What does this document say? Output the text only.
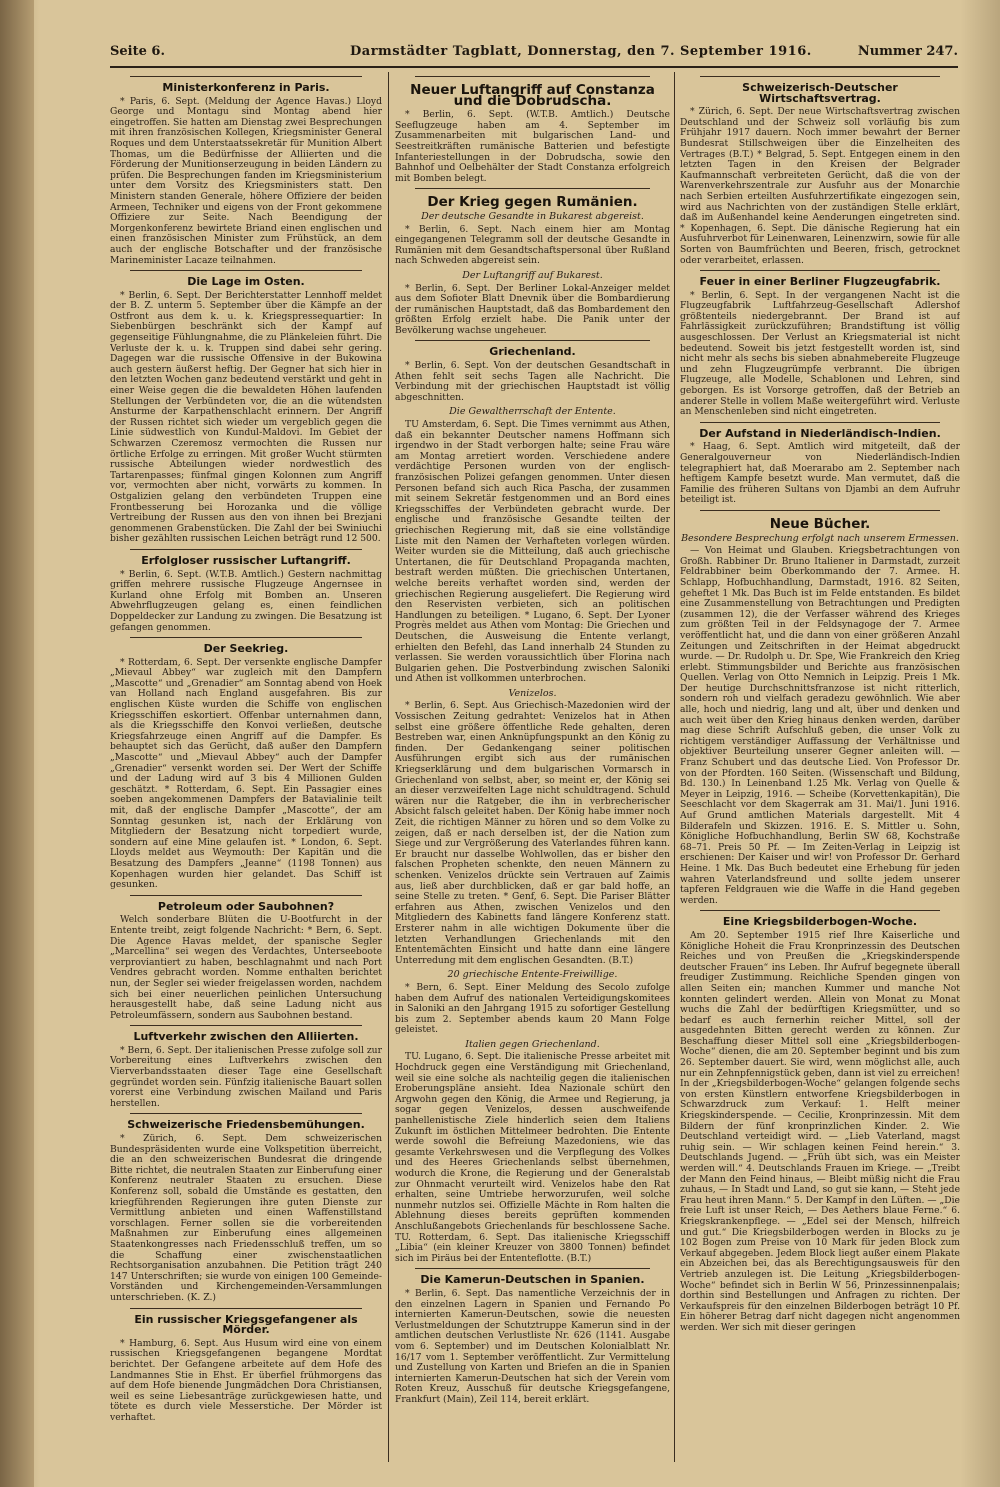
Seite 6.	Darmstädter Tagblatt, Donnerstag, den 7. September 1916.	Nummer 247.
Ministerkonferenz in Paris.

* Paris, 6. Sept. (Meldung der Agence Havas.) Lloyd George und Montagu sind Montag abend hier eingetroffen. Sie hatten am Dienstag zwei Besprechungen mit ihren französischen Kollegen, Kriegsminister General Roques und dem Unterstaatssekretär für Munition Albert Thomas, um die Bedürfnisse der Alliierten und die Förderung der Munitionserzeugung in beiden Ländern zu prüfen. Die Besprechungen fanden im Kriegsministerium unter dem Vorsitz des Kriegsministers statt. Den Ministern standen Generale, höhere Offiziere der beiden Armeen, Techniker und eigens von der Front gekommene Offiziere zur Seite. Nach Beendigung der Morgenkonferenz bewirtete Briand einen englischen und einen französischen Minister zum Frühstück, an dem auch der englische Botschafter und der französische Marineminister Lacaze teilnahmen.

Die Lage im Osten.

* Berlin, 6. Sept. Der Berichterstatter Lennhoff meldet der B. Z. unterm 5. September über die Kämpfe an der Ostfront aus dem k. u. k. Kriegspressequartier: In Siebenbürgen beschränkt sich der Kampf auf gegenseitige Fühlungnahme, die zu Plänkeleien führt. Die Verluste der k. u. k. Truppen sind dabei sehr gering. Dagegen war die russische Offensive in der Bukowina auch gestern äußerst heftig. Der Gegner hat sich hier in den letzten Wochen ganz bedeutend verstärkt und geht in einer Weise gegen die die bewaldeten Höhen laufenden Stellungen der Verbündeten vor, die an die wütendsten Ansturme der Karpathenschlacht erinnern. Der Angriff der Russen richtet sich wieder um vergeblich gegen die Linie südwestlich von Kundul-Maldovi. Im Gebiet der Schwarzen Czeremosz vermochten die Russen nur örtliche Erfolge zu erringen. Mit großer Wucht stürmten russische Abteilungen wieder nordwestlich des Tartarenpasses; fünfmal gingen Kolonnen zum Angriff vor, vermochten aber nicht, vorwärts zu kommen. In Ostgalizien gelang den verbündeten Truppen eine Frontbesserung bei Horozanka und die völlige Vertreibung der Russen aus den von ihnen bei Brezjani genommenen Grabenstücken. Die Zahl der bei Swiniuchi bisher gezählten russischen Leichen beträgt rund 12 500.

Erfolgloser russischer Luftangriff.

* Berlin, 6. Sept. (W.T.B. Amtlich.) Gestern nachmittag griffen mehrere russische Flugzeuge Angernsee in Kurland ohne Erfolg mit Bomben an. Unseren Abwehrflugzeugen gelang es, einen feindlichen Doppeldecker zur Landung zu zwingen. Die Besatzung ist gefangen genommen.

Der Seekrieg.

* Rotterdam, 6. Sept. Der versenkte englische Dampfer „Mievaul Abbey“ war zugleich mit den Dampfern „Mascotte“ und „Grenadier“ am Sonntag abend von Hoek van Holland nach England ausgefahren. Bis zur englischen Küste wurden die Schiffe von englischen Kriegsschiffen eskortiert. Offenbar unternahmen dann, als die Kriegsschiffe den Konvoi verließen, deutsche Kriegsfahrzeuge einen Angriff auf die Dampfer. Es behauptet sich das Gerücht, daß außer den Dampfern „Mascotte“ und „Mievaul Abbey“ auch der Dampfer „Grenadier“ versenkt worden sei. Der Wert der Schiffe und der Ladung wird auf 3 bis 4 Millionen Gulden geschätzt. * Rotterdam, 6. Sept. Ein Passagier eines soeben angekommenen Dampfers der Batavialinie teilt mit, daß der englische Dampfer „Mascotte“, der am Sonntag gesunken ist, nach der Erklärung von Mitgliedern der Besatzung nicht torpediert wurde, sondern auf eine Mine gelaufen ist. * London, 6. Sept. Lloyds meldet aus Weymouth: Der Kapitän und die Besatzung des Dampfers „Jeanne“ (1198 Tonnen) aus Kopenhagen wurden hier gelandet. Das Schiff ist gesunken.

Petroleum oder Saubohnen?

Welch sonderbare Blüten die U-Bootfurcht in der Entente treibt, zeigt folgende Nachricht: * Bern, 6. Sept. Die Agence Havas meldet, der spanische Segler „Marcellina“ sei wegen des Verdachtes, Unterseeboote verproviantiert zu haben, beschlagnahmt und nach Port Vendres gebracht worden. Nomme enthalten berichtet nun, der Segler sei wieder freigelassen worden, nachdem sich bei einer neuerlichen peinlichen Untersuchung herausgestellt habe, daß seine Ladung nicht aus Petroleumfässern, sondern aus Saubohnen bestand.

Luftverkehr zwischen den Alliierten.

* Bern, 6. Sept. Der italienischen Presse zufolge soll zur Vorbereitung eines Luftverkehrs zwischen den Vierverbandsstaaten dieser Tage eine Gesellschaft gegründet worden sein. Fünfzig italienische Bauart sollen vorerst eine Verbindung zwischen Mailand und Paris herstellen.

Schweizerische Friedensbemühungen.

* Zürich, 6. Sept. Dem schweizerischen Bundespräsidenten wurde eine Volkspetition überreicht, die an den schweizerischen Bundesrat die dringende Bitte richtet, die neutralen Staaten zur Einberufung einer Konferenz neutraler Staaten zu ersuchen. Diese Konferenz soll, sobald die Umstände es gestatten, den kriegführenden Regierungen ihre guten Dienste zur Vermittlung anbieten und einen Waffenstillstand vorschlagen. Ferner sollen sie die vorbereitenden Maßnahmen zur Einberufung eines allgemeinen Staatenkongresses nach Friedensschluß treffen, um so die Schaffung einer zwischenstaatlichen Rechtsorganisation anzubahnen. Die Petition trägt 240 147 Unterschriften; sie wurde von einigen 100 Gemeinde-Vorständen und Kirchengemeinden-Versammlungen unterschrieben. (K. Z.)

Ein russischer Kriegsgefangener als Mörder.

* Hamburg, 6. Sept. Aus Husum wird eine von einem russischen Kriegsgefangenen begangene Mordtat berichtet. Der Gefangene arbeitete auf dem Hofe des Landmannes Stie in Ehst. Er überfiel frühmorgens das auf dem Hofe bienende Jungmädchen Dora Christiansen, weil es seine Liebesanträge zurückgewiesen hatte, und tötete es durch viele Messerstiche. Der Mörder ist verhaftet.

Neuer Luftangriff auf Constanza und die Dobrudscha.

* Berlin, 6. Sept. (W.T.B. Amtlich.) Deutsche Seeflugzeuge haben am 4. September im Zusammenarbeiten mit bulgarischen Land- und Seestreitkräften rumänische Batterien und befestigte Infanteriestellungen in der Dobrudscha, sowie den Bahnhof und Oelbehälter der Stadt Constanza erfolgreich mit Bomben belegt.

Der Krieg gegen Rumänien.
Der deutsche Gesandte in Bukarest abgereist.

* Berlin, 6. Sept. Nach einem hier am Montag eingegangenen Telegramm soll der deutsche Gesandte in Rumänien mit dem Gesandtschaftspersonal über Rußland nach Schweden abgereist sein.

Der Luftangriff auf Bukarest.

* Berlin, 6. Sept. Der Berliner Lokal-Anzeiger meldet aus dem Sofioter Blatt Dnevnik über die Bombardierung der rumänischen Hauptstadt, daß das Bombardement den größten Erfolg erzielt habe. Die Panik unter der Bevölkerung wachse ungeheuer.

Griechenland.

* Berlin, 6. Sept. Von der deutschen Gesandtschaft in Athen fehlt seit sechs Tagen alle Nachricht. Die Verbindung mit der griechischen Hauptstadt ist völlig abgeschnitten.

Die Gewaltherrschaft der Entente.

TU Amsterdam, 6. Sept. Die Times vernimmt aus Athen, daß ein bekannter Deutscher namens Hoffmann sich irgendwo in der Stadt verborgen halte; seine Frau wäre am Montag arretiert worden. Verschiedene andere verdächtige Personen wurden von der englisch-französischen Polizei gefangen genommen. Unter diesen Personen befand sich auch Rica Pascha, der zusammen mit seinem Sekretär festgenommen und an Bord eines Kriegsschiffes der Verbündeten gebracht wurde. Der englische und französische Gesandte teilten der griechischen Regierung mit, daß sie eine vollständige Liste mit den Namen der Verhafteten vorlegen würden. Weiter wurden sie die Mitteilung, daß auch griechische Untertanen, die für Deutschland Propaganda machten, bestraft werden müßten. Die griechischen Untertanen, welche bereits verhaftet worden sind, werden der griechischen Regierung ausgeliefert. Die Regierung wird den Reservisten verbieten, sich an politischen Handlungen zu beteiligen. * Lugano, 6. Sept. Der Lyoner Progrès meldet aus Athen vom Montag: Die Griechen und Deutschen, die Ausweisung die Entente verlangt, erhielten den Befehl, das Land innerhalb 24 Stunden zu verlassen. Sie werden voraussichtlich über Florina nach Bulgarien gehen. Die Postverbindung zwischen Saloniki und Athen ist vollkommen unterbrochen.

Venizelos.

* Berlin, 6. Sept. Aus Griechisch-Mazedonien wird der Vossischen Zeitung gedrahtet: Venizelos hat in Athen selbst eine größere öffentliche Rede gehalten, deren Bestreben war, einen Anknüpfungspunkt an den König zu finden. Der Gedankengang seiner politischen Ausführungen ergibt sich aus der rumänischen Kriegserklärung und dem bulgarischen Vormarsch in Griechenland von selbst, aber, so meint er, der König sei an dieser verzweifelten Lage nicht schuldtragend. Schuld wären nur die Ratgeber, die ihn in verbrecherischer Absicht falsch geleitet haben. Der König habe immer noch Zeit, die richtigen Männer zu hören und so dem Volke zu zeigen, daß er nach derselben ist, der die Nation zum Siege und zur Vergrößerung des Vaterlandes führen kann. Er braucht nur dasselbe Wohlwollen, das er bisher den falschen Propheten schenkte, den neuen Männern zu schenken. Venizelos drückte sein Vertrauen auf Zaimis aus, ließ aber durchblicken, daß er gar bald hoffe, an seine Stelle zu treten. * Genf, 6. Sept. Die Pariser Blätter erfahren aus Athen, zwischen Venizelos und den Mitgliedern des Kabinetts fand längere Konferenz statt. Ersterer nahm in alle wichtigen Dokumente über die letzten Verhandlungen Griechenlands mit den Ententemächten Einsicht und hatte dann eine längere Unterredung mit dem englischen Gesandten. (B.T.)

20 griechische Entente-Freiwillige.

* Bern, 6. Sept. Einer Meldung des Secolo zufolge haben dem Aufruf des nationalen Verteidigungskomitees in Saloniki an den Jahrgang 1915 zu sofortiger Gestellung bis zum 2. September abends kaum 20 Mann Folge geleistet.

Italien gegen Griechenland.

TU. Lugano, 6. Sept. Die italienische Presse arbeitet mit Hochdruck gegen eine Verständigung mit Griechenland, weil sie eine solche als nachteilig gegen die italienischen Eroberungspläne ansieht. Idea Nazionale schürt den Argwohn gegen den König, die Armee und Regierung, ja sogar gegen Venizelos, dessen auschweifende panhellenistische Ziele hinderlich seien dem Italiens Zukunft im östlichen Mittelmeer bedrohten. Die Entente werde sowohl die Befreiung Mazedoniens, wie das gesamte Verkehrswesen und die Verpflegung des Volkes und des Heeres Griechenlands selbst übernehmen, wodurch die Krone, die Regierung und der Generalstab zur Ohnmacht verurteilt wird. Venizelos habe den Rat erhalten, seine Umtriebe herworzurufen, weil solche nunmehr nutzlos sei. Offizielle Mächte in Rom halten die Ablehnung dieses bereits geprüften kommenden Anschlußangebots Griechenlands für beschlossene Sache. TU. Rotterdam, 6. Sept. Das italienische Kriegsschiff „Libia“ (ein kleiner Kreuzer von 3800 Tonnen) befindet sich im Piräus bei der Ententeflotte. (B.T.)

Die Kamerun-Deutschen in Spanien.

* Berlin, 6. Sept. Das namentliche Verzeichnis der in den einzelnen Lagern in Spanien und Fernando Po internierten Kamerun-Deutschen, sowie die neuesten Verlustmeldungen der Schutztruppe Kamerun sind in der amtlichen deutschen Verlustliste Nr. 626 (1141. Ausgabe vom 6. September) und im Deutschen Kolonialblatt Nr. 16/17 vom 1. September veröffentlicht. Zur Vermittelung und Zustellung von Karten und Briefen an die in Spanien internierten Kamerun-Deutschen hat sich der Verein vom Roten Kreuz, Ausschuß für deutsche Kriegsgefangene, Frankfurt (Main), Zeil 114, bereit erklärt.

Schweizerisch-Deutscher Wirtschaftsvertrag.

* Zürich, 6. Sept. Der neue Wirtschaftsvertrag zwischen Deutschland und der Schweiz soll vorläufig bis zum Frühjahr 1917 dauern. Noch immer bewahrt der Berner Bundesrat Stillschweigen über die Einzelheiten des Vertrages (B.T.) * Belgrad, 5. Sept. Entgegen einem in den letzten Tagen in den Kreisen der Belgrader Kaufmannschaft verbreiteten Gerücht, daß die von der Warenverkehrszentrale zur Ausfuhr aus der Monarchie nach Serbien erteilten Ausfuhrzertifikate eingezogen sein, wird aus Nachrichten von der zuständigen Stelle erklärt, daß im Außenhandel keine Aenderungen eingetreten sind. * Kopenhagen, 6. Sept. Die dänische Regierung hat ein Ausfuhrverbot für Leinenwaren, Leinenzwirn, sowie für alle Sorten von Baumfrüchten und Beeren, frisch, getrocknet oder verarbeitet, erlassen.

Feuer in einer Berliner Flugzeugfabrik.

* Berlin, 6. Sept. In der vergangenen Nacht ist die Flugzeugfabrik Luftfahrzeug-Gesellschaft Adlershof größtenteils niedergebrannt. Der Brand ist auf Fahrlässigkeit zurückzuführen; Brandstiftung ist völlig ausgeschlossen. Der Verlust an Kriegsmaterial ist nicht bedeutend. Soweit bis jetzt festgestellt worden ist, sind nicht mehr als sechs bis sieben abnahmebereite Flugzeuge und zehn Flugzeugrümpfe verbrannt. Die übrigen Flugzeuge, alle Modelle, Schablonen und Lehren, sind geborgen. Es ist Vorsorge getroffen, daß der Betrieb an anderer Stelle in vollem Maße weitergeführt wird. Verluste an Menschenleben sind nicht eingetreten.

Der Aufstand in Niederländisch-Indien.

* Haag, 6. Sept. Amtlich wird mitgeteilt, daß der Generalgouverneur von Niederländisch-Indien telegraphiert hat, daß Moerarabo am 2. September nach heftigem Kampfe besetzt wurde. Man vermutet, daß die Familie des früheren Sultans von Djambi an dem Aufruhr beteiligt ist.

Neue Bücher.
Besondere Besprechung erfolgt nach unserem Ermessen.

— Von Heimat und Glauben. Kriegsbetrachtungen von Großh. Rabbiner Dr. Bruno Italiener in Darmstadt, zurzeit Feldrabbiner beim Oberkommando der 7. Armee. H. Schlapp, Hofbuchhandlung, Darmstadt, 1916. 82 Seiten, geheftet 1 Mk. Das Buch ist im Felde entstanden. Es bildet eine Zusammenstellung von Betrachtungen und Predigten (zusammen 12), die der Verfasser während des Krieges zum größten Teil in der Feldsynagoge der 7. Armee veröffentlicht hat, und die dann von einer größeren Anzahl Zeitungen und Zeitschriften in der Heimat abgedruckt wurde. — Dr. Rudolph u. Dr. Spe, Wie Frankreich den Krieg erlebt. Stimmungsbilder und Berichte aus französischen Quellen. Verlag von Otto Nemnich in Leipzig. Preis 1 Mk. Der heutige Durchschnittsfranzose ist nicht ritterlich, sondern roh und vielfach geradezu gewöhnlich. Wie aber alle, hoch und niedrig, lang und alt, über und denken und auch weit über den Krieg hinaus denken werden, darüber mag diese Schrift Aufschluß geben, die unser Volk zu richtigem verständiger Auffassung der Verhältnisse und objektiver Beurteilung unserer Gegner anleiten will. — Franz Schubert und das deutsche Lied. Von Professor Dr. von der Pfordten. 160 Seiten. (Wissenschaft und Bildung, Bd. 130.) In Leinenband 1.25 Mk. Verlag von Quelle & Meyer in Leipzig, 1916. — Scheibe (Korvettenkapitän), Die Seeschlacht vor dem Skagerrak am 31. Mai/1. Juni 1916. Auf Grund amtlichen Materials dargestellt. Mit 4 Bilderafeln und Skizzen. 1916. E. S. Mittler u. Sohn, Königliche Hofbuchhandlung, Berlin SW 68, Kochstraße 68–71. Preis 50 Pf. — Im Zeiten-Verlag in Leipzig ist erschienen: Der Kaiser und wir! von Professor Dr. Gerhard Heine. 1 Mk. Das Buch bedeutet eine Erhebung für jeden wahren Vaterlandsfreund und sollte jedem unserer tapferen Feldgrauen wie die Waffe in die Hand gegeben werden.

Eine Kriegsbilderbogen-Woche.

Am 20. September 1915 rief Ihre Kaiserliche und Königliche Hoheit die Frau Kronprinzessin des Deutschen Reiches und von Preußen die „Kriegskinderspende deutscher Frauen“ ins Leben. Ihr Aufruf begegnete überall freudiger Zustimmung. Reichliche Spenden gingen von allen Seiten ein; manchen Kummer und manche Not konnten gelindert werden. Allein von Monat zu Monat wuchs die Zahl der bedürftigen Kriegsmütter, und so bedarf es auch fernerhin reicher Mittel, soll der ausgedehnten Bitten gerecht werden zu können. Zur Beschaffung dieser Mittel soll eine „Kriegsbilderbogen-Woche“ dienen, die am 20. September beginnt und bis zum 26. September dauert. Sie wird, wenn möglichst alle, auch nur ein Zehnpfennigstück geben, dann ist viel zu erreichen! In der „Kriegsbilderbogen-Woche“ gelangen folgende sechs von ersten Künstlern entworfene Kriegsbilderbogen in Schwarzdruck zum Verkauf: 1. Helft meiner Kriegskinderspende. — Cecilie, Kronprinzessin. Mit dem Bildern der fünf kronprinzlichen Kinder. 2. Wie Deutschland verteidigt wird. — „Lieb Vaterland, magst ruhig sein. — Wir schlagen keinen Feind herein.“ 3. Deutschlands Jugend. — „Früh übt sich, was ein Meister werden will.“ 4. Deutschlands Frauen im Kriege. — „Treibt der Mann den Feind hinaus, — Bleibt müßig nicht die Frau zuhaus, — In Stadt und Land, so gut sie kann, — Steht jede Frau heut ihren Mann.“ 5. Der Kampf in den Lüften. — „Die freie Luft ist unser Reich, — Des Aethers blaue Ferne.“ 6. Kriegskrankenpflege. — „Edel sei der Mensch, hilfreich und gut.“ Die Kriegsbilderbogen werden in Blocks zu je 102 Bogen zum Preise von 10 Mark für jeden Block zum Verkauf abgegeben. Jedem Block liegt außer einem Plakate ein Abzeichen bei, das als Berechtigungsausweis für den Vertrieb anzulegen ist. Die Leitung „Kriegsbilderbogen-Woche“ befindet sich in Berlin W 56, Prinzessinnenpalais; dorthin sind Bestellungen und Anfragen zu richten. Der Verkaufspreis für den einzelnen Bilderbogen beträgt 10 Pf. Ein höherer Betrag darf nicht dagegen nicht angenommen werden. Wer sich mit dieser geringen
